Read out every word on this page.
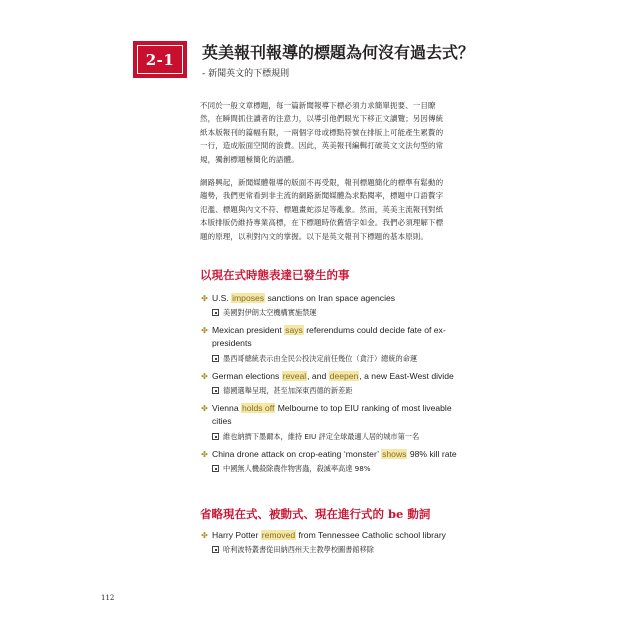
2-1 英美報刊報導的標題為何沒有過去式？
- 新聞英文的下標規則
不同於一般文章標題，每一篇新聞報導下標必須力求簡單扼要、一目瞭
然，在瞬間抓住讀者的注意力，以導引他們眼光下移正文讀覽；另因傳統
紙本版報刊的篇幅有限，一兩個字母或標點符號在排版上可能產生累贅的
一行，造成版面空間的浪費。因此，英美報刊編輯打破英文文法句型的常
規，獨創標題極簡化的語體。
網路興起，新聞媒體報導的版面不再受限，報刊標題簡化的標準有鬆動的
趨勢，我們更常看到非主流的網路新聞媒體為求點閱率，標題中口語贅字
氾濫、標題與內文不符、標題畫蛇添足等亂象。然而，英美主流報刊對紙
本版排版仍維持專業高標，在下標題時依舊惜字如金。我們必須理解下標
題的原理，以利對內文的掌握。以下是英文報刊下標題的基本原則。
以現在式時態表達已發生的事
✤ U.S. imposes sanctions on Iran space agencies
美國對伊朗太空機構實施禁運
✤ Mexican president says referendums could decide fate of ex-
presidents
墨西哥總統表示由全民公投決定前任幾位（貪汙）總統的命運
✤ German elections reveal, and deepen, a new East-West divide
德國選舉呈現，甚至加深東西德的新差距
✤ Vienna holds off Melbourne to top EIU ranking of most liveable
cities
維也納擠下墨爾本，維持 EIU 評定全球最適人居的城市第一名
✤ China drone attack on crop-eating ‘monster’ shows 98% kill rate
中國無人機殺除農作物害蟲，殺滅率高達 98%
省略現在式、被動式、現在進行式的 be 動詞
✤ Harry Potter removed from Tennessee Catholic school library
哈利波特叢書從田納西州天主教學校圖書館移除
112
